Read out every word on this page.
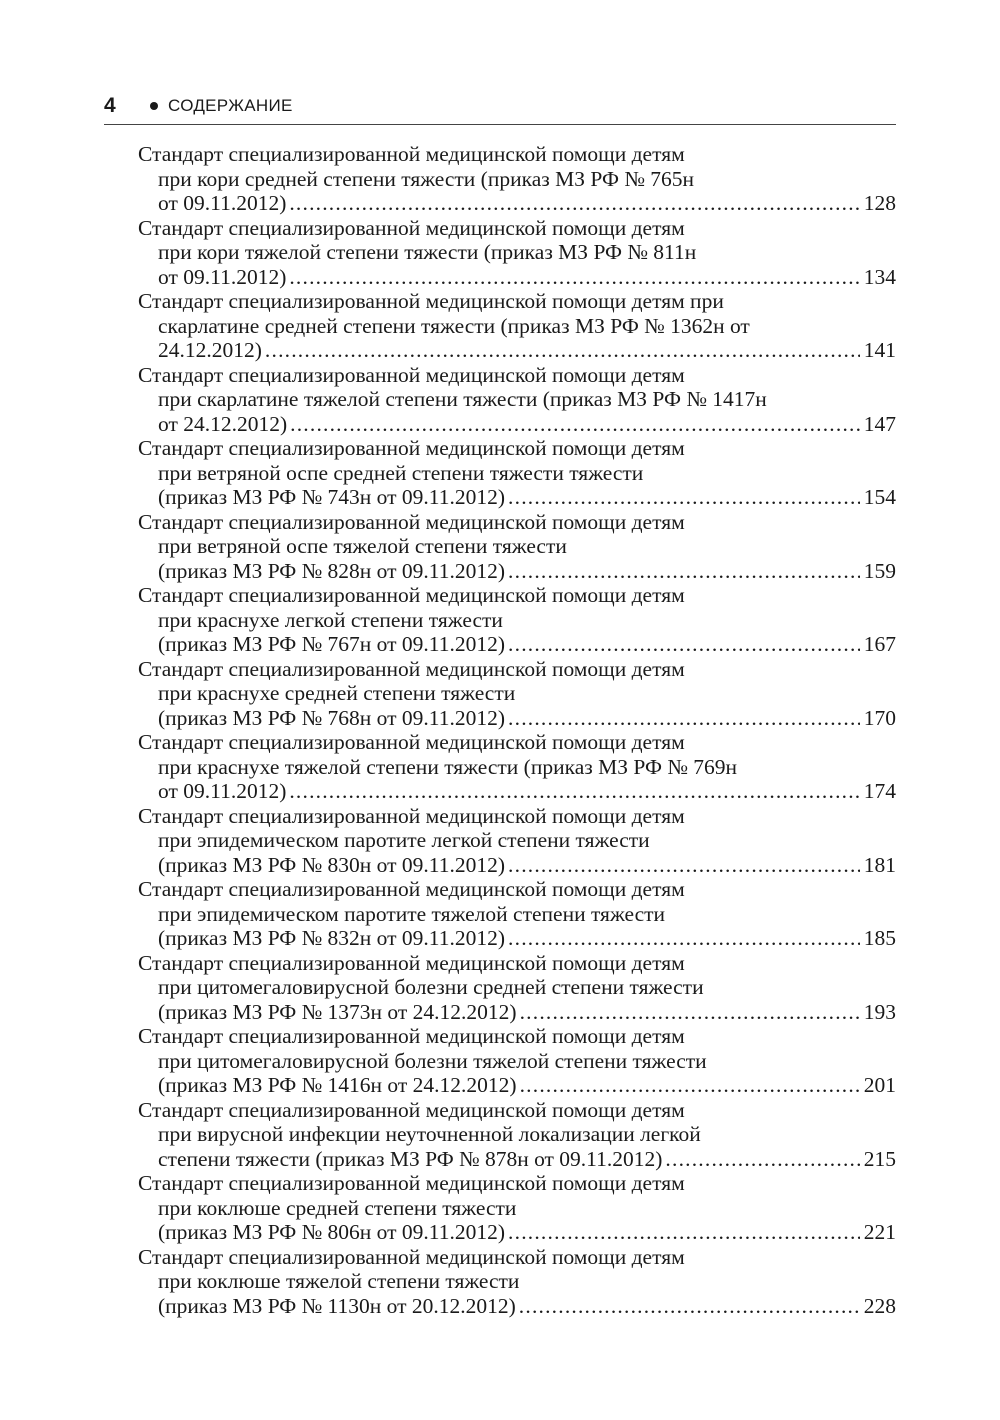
4	СОДЕРЖАНИЕ
Стандарт специализированной медицинской помощи детям
при кори средней степени тяжести (приказ МЗ РФ № 765н
от 09.11.2012) .....	128
Стандарт специализированной медицинской помощи детям
при кори тяжелой степени тяжести (приказ МЗ РФ № 811н
от 09.11.2012) .....	134
Стандарт специализированной медицинской помощи детям при
скарлатине средней степени тяжести (приказ МЗ РФ № 1362н от
24.12.2012) .....	141
Стандарт специализированной медицинской помощи детям
при скарлатине тяжелой степени тяжести (приказ МЗ РФ № 1417н
от 24.12.2012) .....	147
Стандарт специализированной медицинской помощи детям
при ветряной оспе средней степени тяжести тяжести
(приказ МЗ РФ № 743н от 09.11.2012) .....	154
Стандарт специализированной медицинской помощи детям
при ветряной оспе тяжелой степени тяжести
(приказ МЗ РФ № 828н от 09.11.2012) .....	159
Стандарт специализированной медицинской помощи детям
при краснухе легкой степени тяжести
(приказ МЗ РФ № 767н от 09.11.2012) .....	167
Стандарт специализированной медицинской помощи детям
при краснухе средней степени тяжести
(приказ МЗ РФ № 768н от 09.11.2012) .....	170
Стандарт специализированной медицинской помощи детям
при краснухе тяжелой степени тяжести (приказ МЗ РФ № 769н
от 09.11.2012) .....	174
Стандарт специализированной медицинской помощи детям
при эпидемическом паротите легкой степени тяжести
(приказ МЗ РФ № 830н от 09.11.2012) .....	181
Стандарт специализированной медицинской помощи детям
при эпидемическом паротите тяжелой степени тяжести
(приказ МЗ РФ № 832н от 09.11.2012) .....	185
Стандарт специализированной медицинской помощи детям
при цитомегаловирусной болезни средней степени тяжести
(приказ МЗ РФ № 1373н от 24.12.2012) .....	193
Стандарт специализированной медицинской помощи детям
при цитомегаловирусной болезни тяжелой степени тяжести
(приказ МЗ РФ № 1416н от 24.12.2012) .....	201
Стандарт специализированной медицинской помощи детям
при вирусной инфекции неуточненной локализации легкой
степени тяжести (приказ МЗ РФ № 878н от 09.11.2012) .....	215
Стандарт специализированной медицинской помощи детям
при коклюше средней степени тяжести
(приказ МЗ РФ № 806н от 09.11.2012) .....	221
Стандарт специализированной медицинской помощи детям
при коклюше тяжелой степени тяжести
(приказ МЗ РФ № 1130н от 20.12.2012) .....	228
